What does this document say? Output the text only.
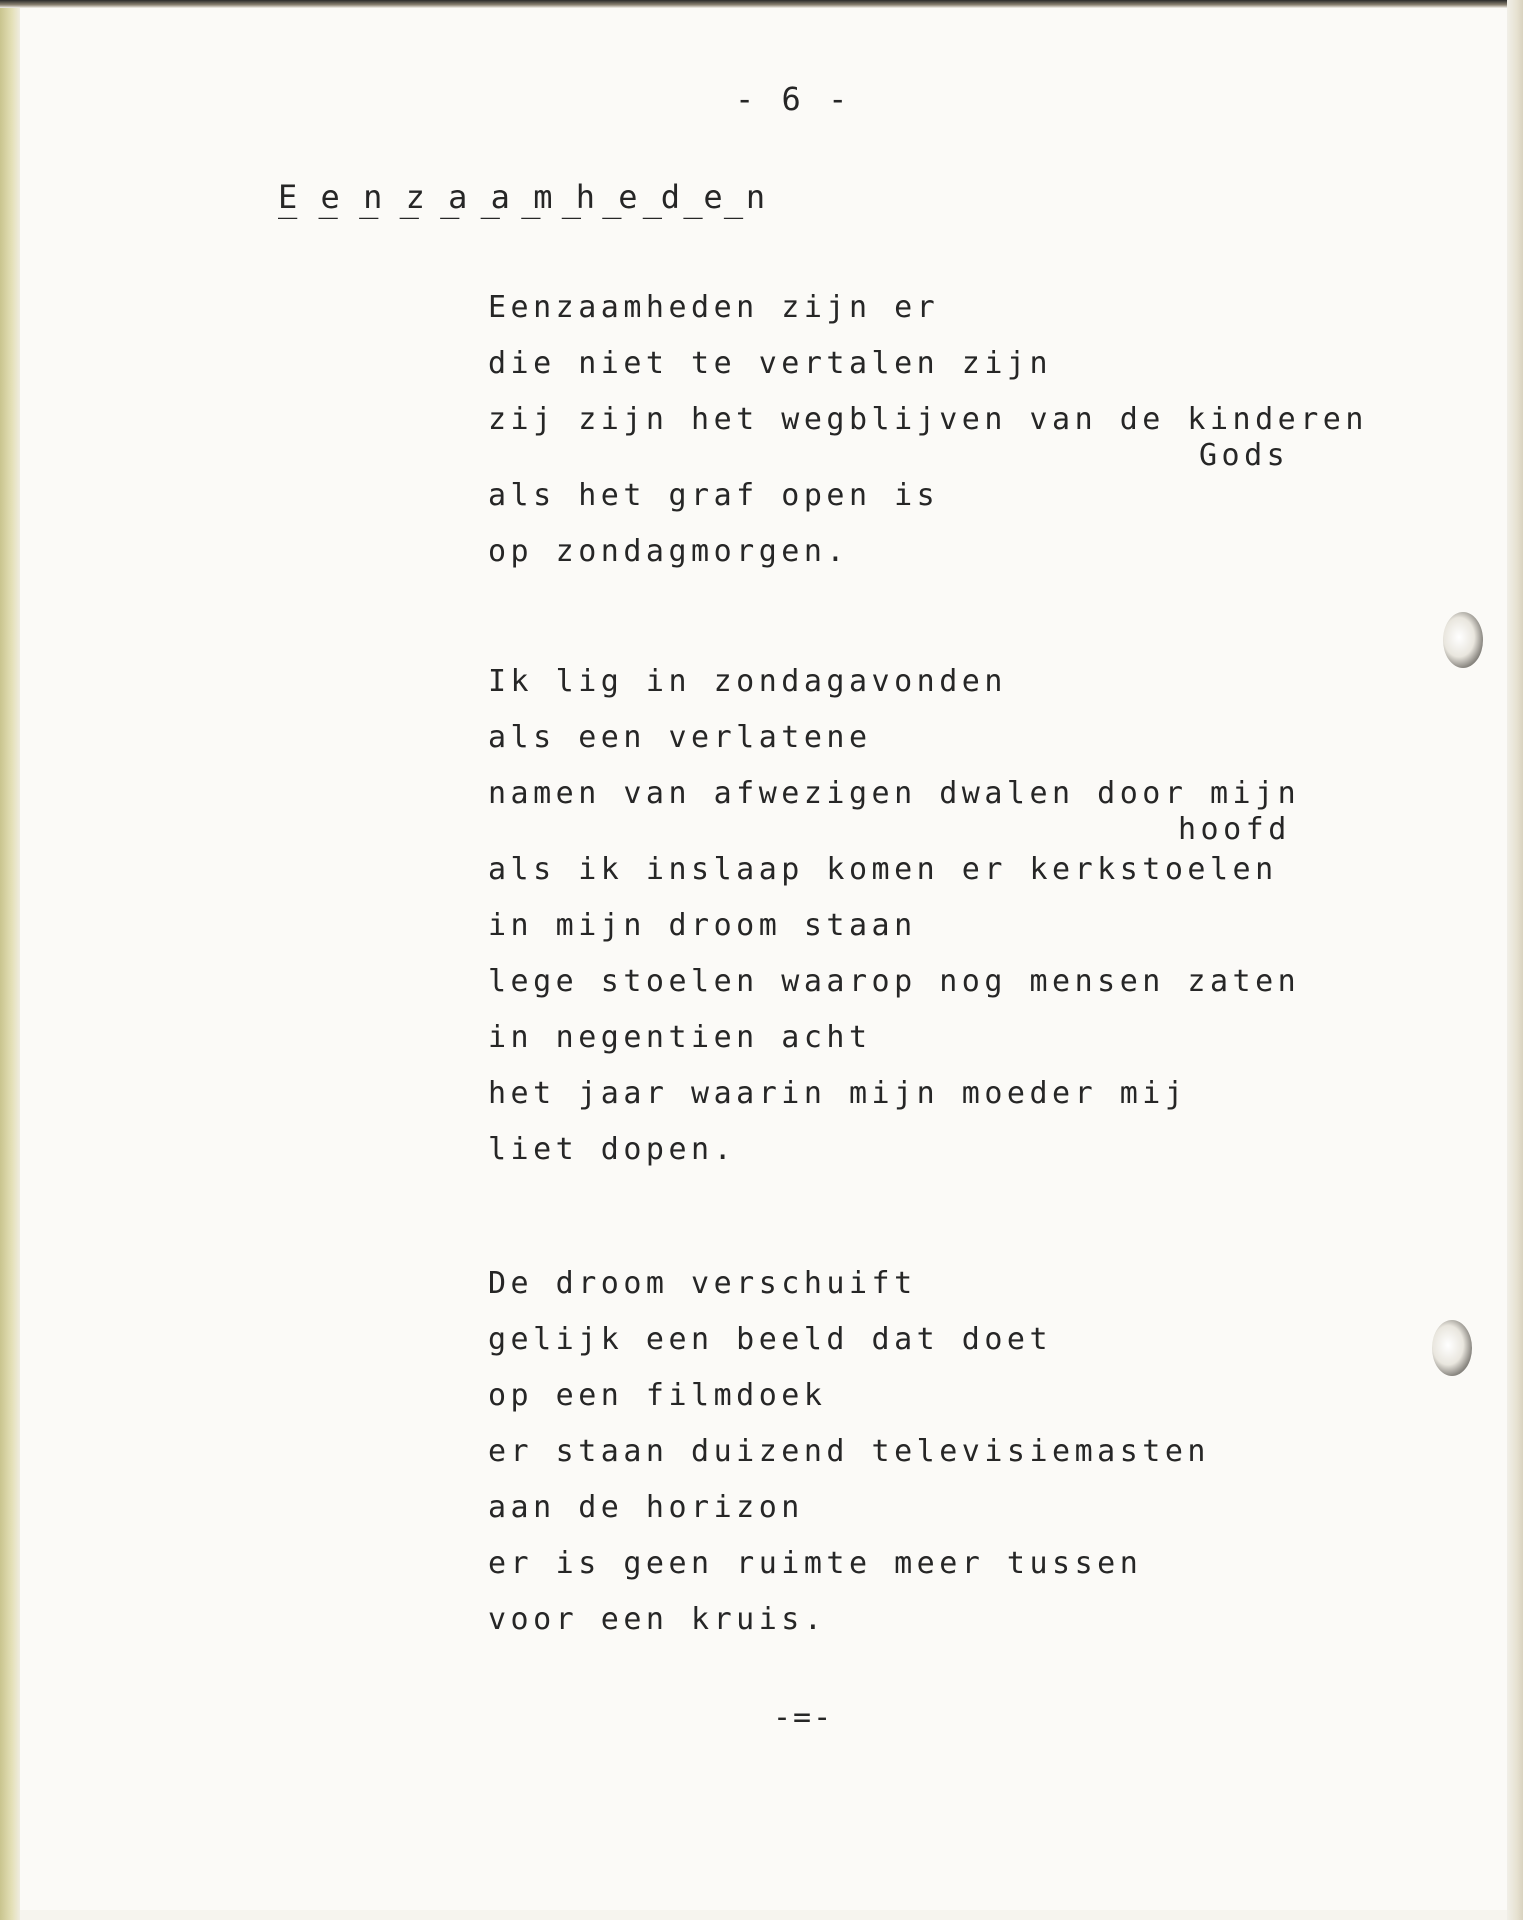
- 6 -
E e n z a a m h e d e n
‾ ‾ ‾ ‾ ‾ ‾ ‾ ‾ ‾ ‾ ‾ ‾
Eenzaamheden zijn er
die niet te vertalen zijn
zij zijn het wegblijven van de kinderen
Gods
als het graf open is
op zondagmorgen.
Ik lig in zondagavonden
als een verlatene
namen van afwezigen dwalen door mijn
hoofd
als ik inslaap komen er kerkstoelen
in mijn droom staan
lege stoelen waarop nog mensen zaten
in negentien acht
het jaar waarin mijn moeder mij
liet dopen.
De droom verschuift
gelijk een beeld dat doet
op een filmdoek
er staan duizend televisiemasten
aan de horizon
er is geen ruimte meer tussen
voor een kruis.
-=-
